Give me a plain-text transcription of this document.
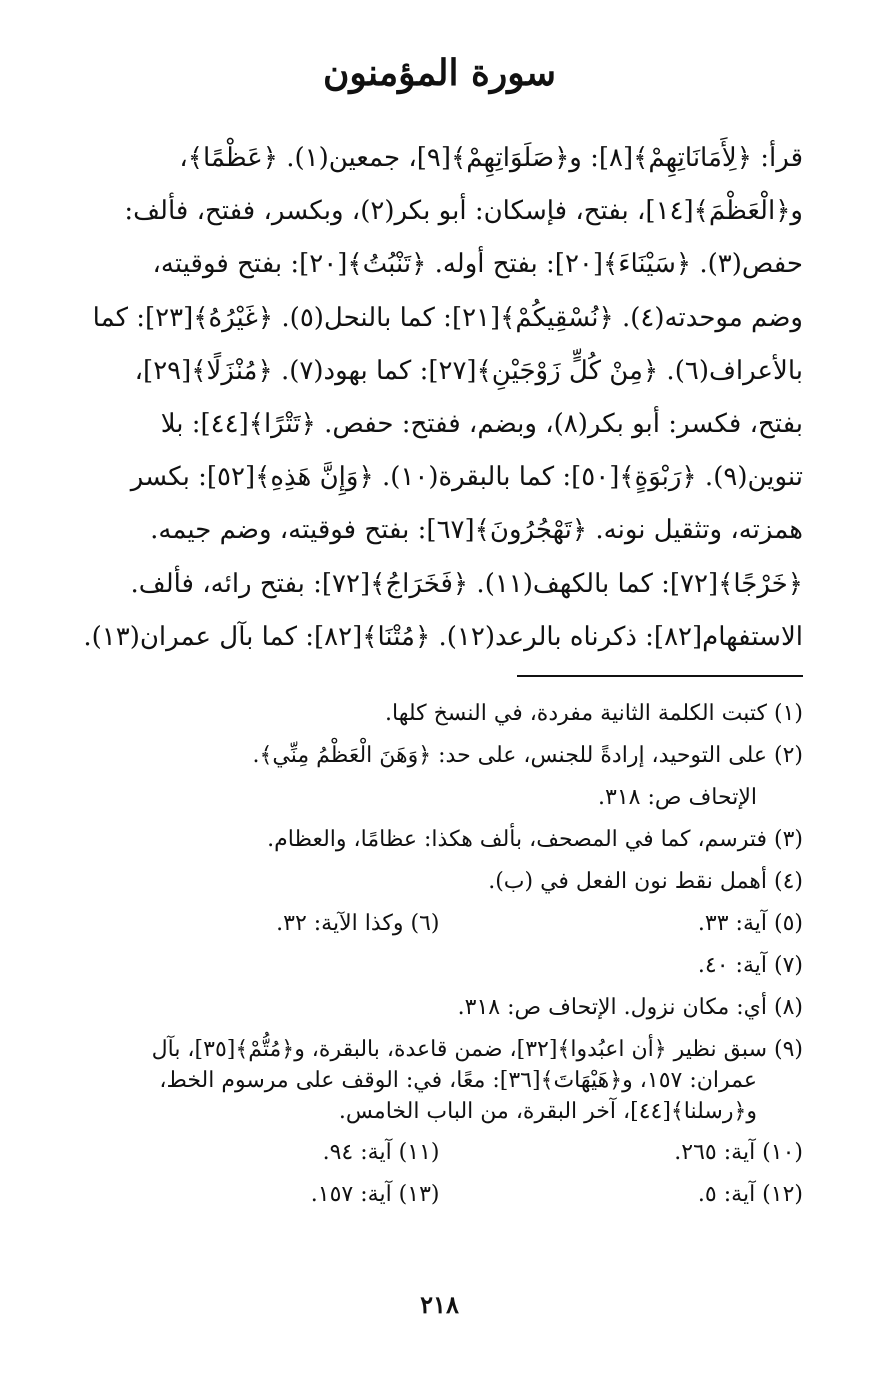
سورة المؤمنون
قرأ: ﴿لِأَمَانَاتِهِمْ﴾[٨]: و﴿صَلَوَاتِهِمْ﴾[٩]، جمعين(١). ﴿عَظْمًا﴾،
و﴿الْعَظْمَ﴾[١٤]، بفتح، فإسكان: أبو بكر(٢)، وبكسر، ففتح، فألف:
حفص(٣). ﴿سَيْنَاءَ﴾[٢٠]: بفتح أوله. ﴿تَنْبُتُ﴾[٢٠]: بفتح فوقيته،
وضم موحدته(٤). ﴿نُسْقِيكُمْ﴾[٢١]: كما بالنحل(٥). ﴿غَيْرُهُ﴾[٢٣]: كما
بالأعراف(٦). ﴿مِنْ كُلٍّ زَوْجَيْنِ﴾[٢٧]: كما بهود(٧). ﴿مُنْزَلًا﴾[٢٩]،
بفتح، فكسر: أبو بكر(٨)، وبضم، ففتح: حفص. ﴿تَتْرًا﴾[٤٤]: بلا
تنوين(٩). ﴿رَبْوَةٍ﴾[٥٠]: كما بالبقرة(١٠). ﴿وَإِنَّ هَذِهِ﴾[٥٢]: بكسر
همزته، وتثقيل نونه. ﴿تَهْجُرُونَ﴾[٦٧]: بفتح فوقيته، وضم جيمه.
﴿خَرْجًا﴾[٧٢]: كما بالكهف(١١). ﴿فَخَرَاجُ﴾[٧٢]: بفتح رائه، فألف.
الاستفهام[٨٢]: ذكرناه بالرعد(١٢). ﴿مُتْنَا﴾[٨٢]: كما بآل عمران(١٣).
(١) كتبت الكلمة الثانية مفردة، في النسخ كلها.
(٢) على التوحيد، إرادةً للجنس، على حد: ﴿وَهَنَ الْعَظْمُ مِنِّي﴾.
الإتحاف ص: ٣١٨.
(٣) فترسم، كما في المصحف، بألف هكذا: عظامًا، والعظام.
(٤) أهمل نقط نون الفعل في (ب).
(٥) آية: ٣٣.
(٦) وكذا الآية: ٣٢.
(٧) آية: ٤٠.
(٨) أي: مكان نزول. الإتحاف ص: ٣١٨.
(٩) سبق نظير ﴿أن اعبُدوا﴾[٣٢]، ضمن قاعدة، بالبقرة، و﴿مُتُّمْ﴾[٣٥]، بآل
عمران: ١٥٧، و﴿هَيْهَاتَ﴾[٣٦]: معًا، في: الوقف على مرسوم الخط،
و﴿رسلنا﴾[٤٤]، آخر البقرة، من الباب الخامس.
(١٠) آية: ٢٦٥.
(١١) آية: ٩٤.
(١٢) آية: ٥.
(١٣) آية: ١٥٧.
٢١٨
